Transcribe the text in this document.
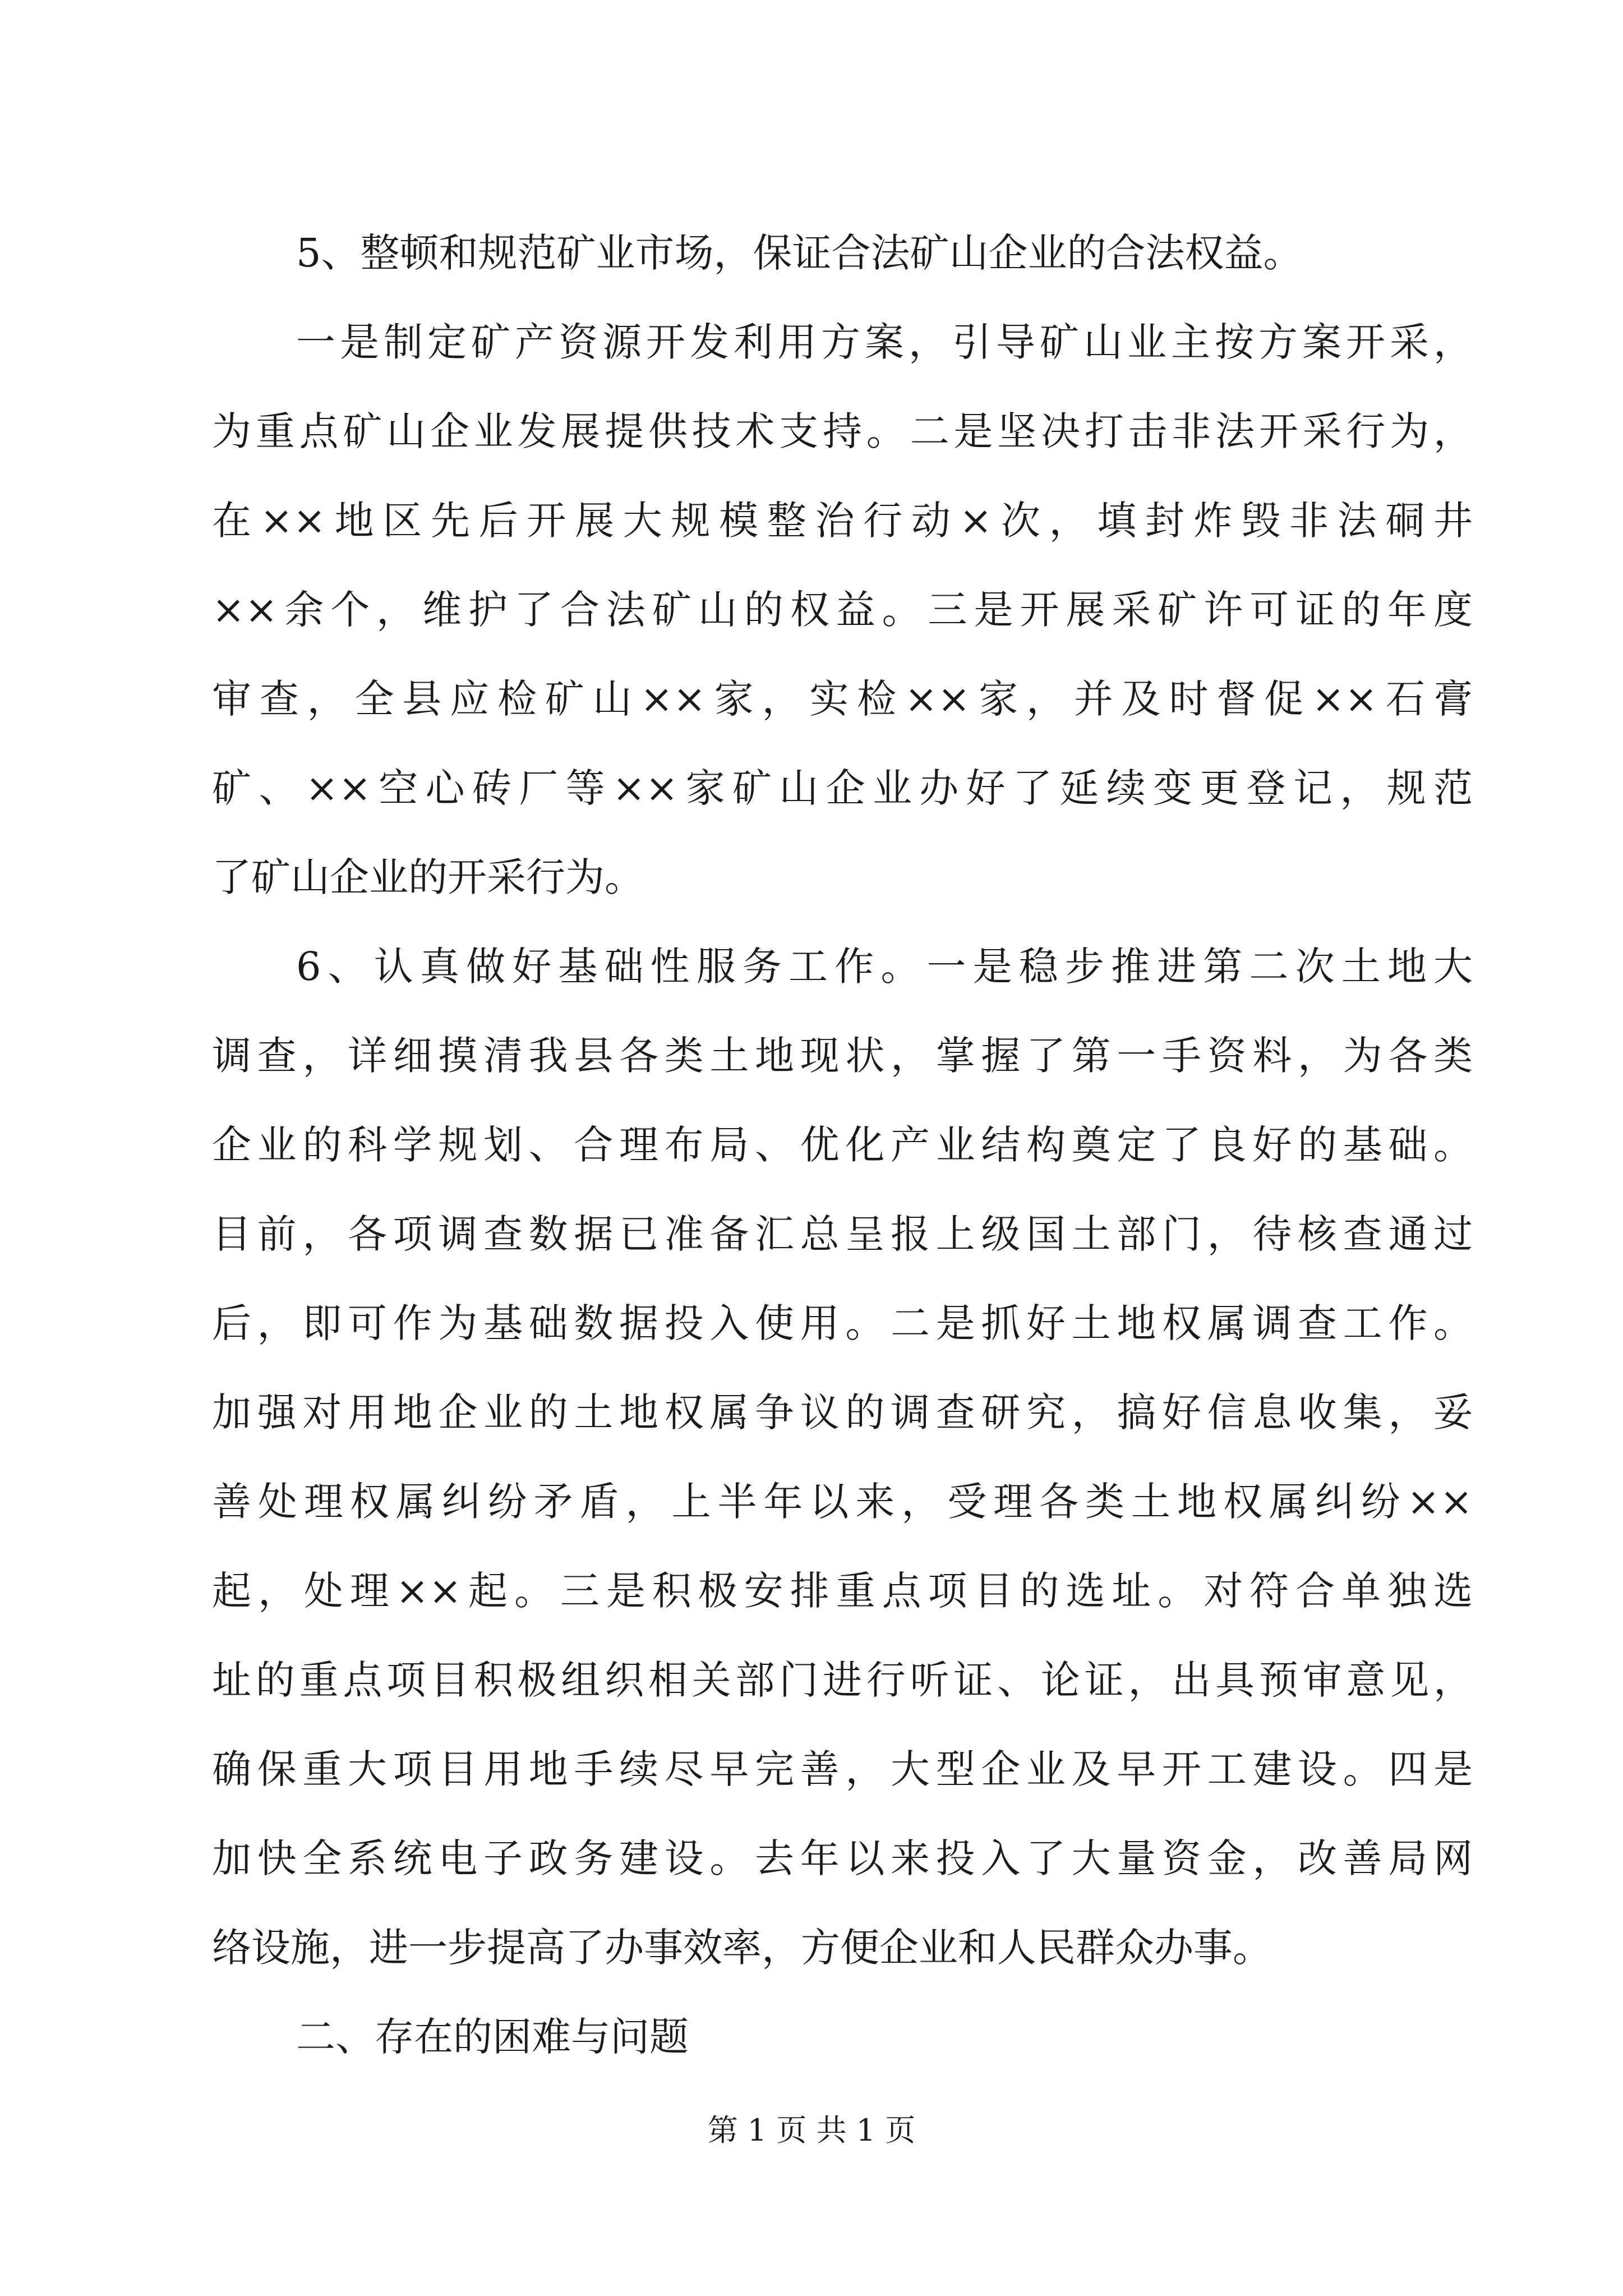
5、整顿和规范矿业市场，保证合法矿山企业的合法权益。
一是制定矿产资源开发利用方案，引导矿山业主按方案开采，
为重点矿山企业发展提供技术支持。二是坚决打击非法开采行为，
在××地区先后开展大规模整治行动×次，填封炸毁非法硐井
××余个，维护了合法矿山的权益。三是开展采矿许可证的年度
审查，全县应检矿山××家，实检××家，并及时督促××石膏
矿、××空心砖厂等××家矿山企业办好了延续变更登记，规范
了矿山企业的开采行为。
6、认真做好基础性服务工作。一是稳步推进第二次土地大
调查，详细摸清我县各类土地现状，掌握了第一手资料，为各类
企业的科学规划、合理布局、优化产业结构奠定了良好的基础。
目前，各项调查数据已准备汇总呈报上级国土部门，待核查通过
后，即可作为基础数据投入使用。二是抓好土地权属调查工作。
加强对用地企业的土地权属争议的调查研究，搞好信息收集，妥
善处理权属纠纷矛盾，上半年以来，受理各类土地权属纠纷××
起，处理××起。三是积极安排重点项目的选址。对符合单独选
址的重点项目积极组织相关部门进行听证、论证，出具预审意见，
确保重大项目用地手续尽早完善，大型企业及早开工建设。四是
加快全系统电子政务建设。去年以来投入了大量资金，改善局网
络设施，进一步提高了办事效率，方便企业和人民群众办事。
二、存在的困难与问题
第 1 页 共 1 页
